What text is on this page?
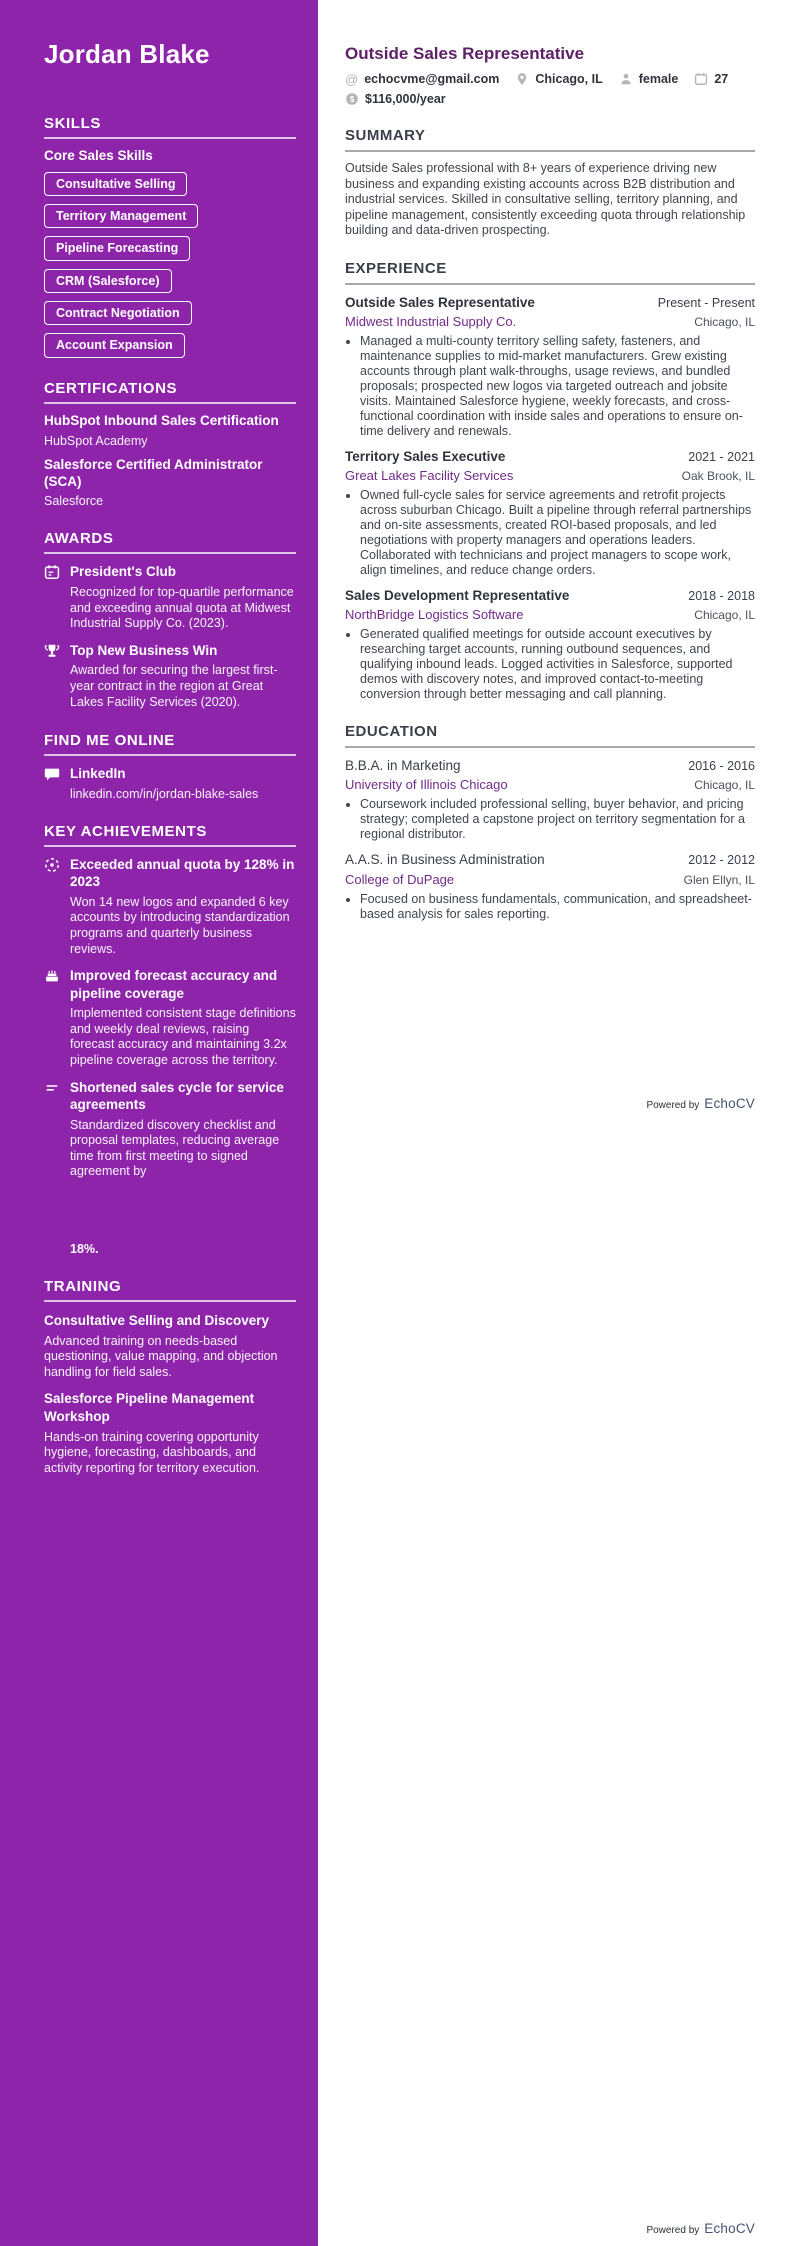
Jordan Blake
SKILLS
Core Sales Skills
Consultative Selling
Territory Management
Pipeline Forecasting
CRM (Salesforce)
Contract Negotiation
Account Expansion
CERTIFICATIONS
HubSpot Inbound Sales Certification
HubSpot Academy
Salesforce Certified Administrator (SCA)
Salesforce
AWARDS
President's Club
Recognized for top-quartile performance and exceeding annual quota at Midwest Industrial Supply Co. (2023).
Top New Business Win
Awarded for securing the largest first-year contract in the region at Great Lakes Facility Services (2020).
FIND ME ONLINE
LinkedIn
linkedin.com/in/jordan-blake-sales
KEY ACHIEVEMENTS
Exceeded annual quota by 128% in 2023
Won 14 new logos and expanded 6 key accounts by introducing standardization programs and quarterly business reviews.
Improved forecast accuracy and pipeline coverage
Implemented consistent stage definitions and weekly deal reviews, raising forecast accuracy and maintaining 3.2x pipeline coverage across the territory.
Shortened sales cycle for service agreements
Standardized discovery checklist and proposal templates, reducing average time from first meeting to signed agreement by
18%.
TRAINING
Consultative Selling and Discovery
Advanced training on needs-based questioning, value mapping, and objection handling for field sales.
Salesforce Pipeline Management Workshop
Hands-on training covering opportunity hygiene, forecasting, dashboards, and activity reporting for territory execution.
Outside Sales Representative
@ echocvme@gmail.com	Chicago, IL	female	27
$ $116,000/year
SUMMARY

Outside Sales professional with 8+ years of experience driving new business and expanding existing accounts across B2B distribution and industrial services. Skilled in consultative selling, territory planning, and pipeline management, consistently exceeding quota through relationship building and data-driven prospecting.

EXPERIENCE
Outside Sales Representative	Present - Present
Midwest Industrial Supply Co.	Chicago, IL
• Managed a multi-county territory selling safety, fasteners, and maintenance supplies to mid-market manufacturers. Grew existing accounts through plant walk-throughs, usage reviews, and bundled proposals; prospected new logos via targeted outreach and jobsite visits. Maintained Salesforce hygiene, weekly forecasts, and cross-functional coordination with inside sales and operations to ensure on-time delivery and renewals.
Territory Sales Executive	2021 - 2021
Great Lakes Facility Services	Oak Brook, IL
• Owned full-cycle sales for service agreements and retrofit projects across suburban Chicago. Built a pipeline through referral partnerships and on-site assessments, created ROI-based proposals, and led negotiations with property managers and operations leaders. Collaborated with technicians and project managers to scope work, align timelines, and reduce change orders.
Sales Development Representative	2018 - 2018
NorthBridge Logistics Software	Chicago, IL
• Generated qualified meetings for outside account executives by researching target accounts, running outbound sequences, and qualifying inbound leads. Logged activities in Salesforce, supported demos with discovery notes, and improved contact-to-meeting conversion through better messaging and call planning.
EDUCATION
B.B.A. in Marketing	2016 - 2016
University of Illinois Chicago	Chicago, IL
• Coursework included professional selling, buyer behavior, and pricing strategy; completed a capstone project on territory segmentation for a regional distributor.
A.A.S. in Business Administration	2012 - 2012
College of DuPage	Glen Ellyn, IL
• Focused on business fundamentals, communication, and spreadsheet-based analysis for sales reporting.
Powered by EchoCV
Powered by EchoCV
